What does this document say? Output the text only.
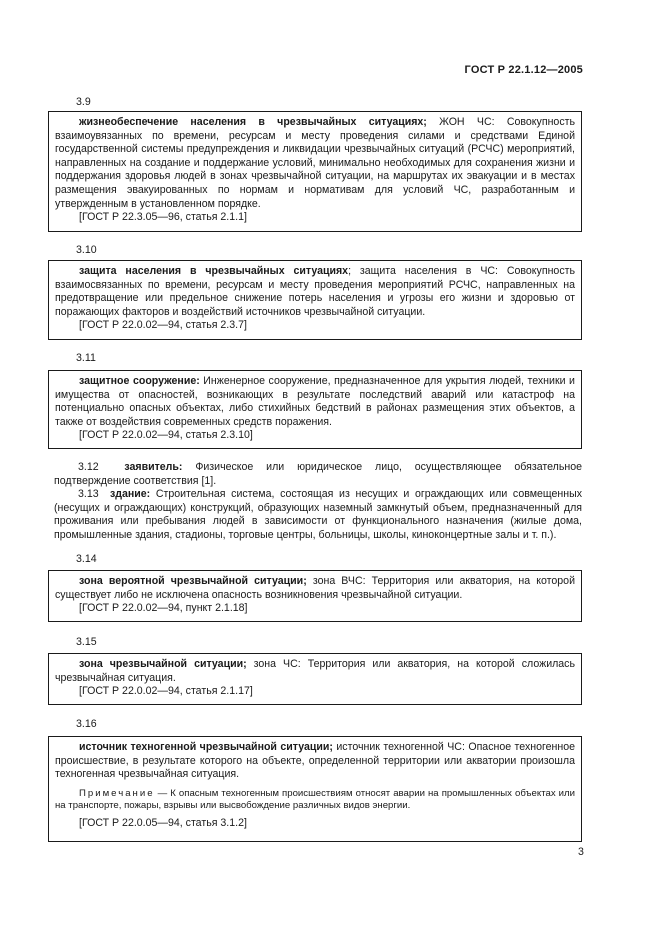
ГОСТ Р 22.1.12—2005
3.9

жизнеобеспечение населения в чрезвычайных ситуациях; ЖОН ЧС: Совокупность взаимоувязанных по времени, ресурсам и месту проведения силами и средствами Единой государственной системы предупреждения и ликвидации чрезвычайных ситуаций (РСЧС) мероприятий, направленных на создание и поддержание условий, минимально необходимых для сохранения жизни и поддержания здоровья людей в зонах чрезвычайной ситуации, на маршрутах их эвакуации и в местах размещения эвакуированных по нормам и нормативам для условий ЧС, разработанным и утвержденным в установленном порядке.

[ГОСТ Р 22.3.05—96, статья 2.1.1]

3.10

защита населения в чрезвычайных ситуациях; защита населения в ЧС: Совокупность взаимосвязанных по времени, ресурсам и месту проведения мероприятий РСЧС, направленных на предотвращение или предельное снижение потерь населения и угрозы его жизни и здоровью от поражающих факторов и воздействий источников чрезвычайной ситуации.

[ГОСТ Р 22.0.02—94, статья 2.3.7]

3.11

защитное сооружение: Инженерное сооружение, предназначенное для укрытия людей, техники и имущества от опасностей, возникающих в результате последствий аварий или катастроф на потенциально опасных объектах, либо стихийных бедствий в районах размещения этих объектов, а также от воздействия современных средств поражения.

[ГОСТ Р 22.0.02—94, статья 2.3.10]

3.12 заявитель: Физическое или юридическое лицо, осуществляющее обязательное подтверждение соответствия [1].

3.13 здание: Строительная система, состоящая из несущих и ограждающих или совмещенных (несущих и ограждающих) конструкций, образующих наземный замкнутый объем, предназначенный для проживания или пребывания людей в зависимости от функционального назначения (жилые дома, промышленные здания, стадионы, торговые центры, больницы, школы, киноконцертные залы и т. п.).

3.14

зона вероятной чрезвычайной ситуации; зона ВЧС: Территория или акватория, на которой существует либо не исключена опасность возникновения чрезвычайной ситуации.

[ГОСТ Р 22.0.02—94, пункт 2.1.18]

3.15

зона чрезвычайной ситуации; зона ЧС: Территория или акватория, на которой сложилась чрезвычайная ситуация.

[ГОСТ Р 22.0.02—94, статья 2.1.17]

3.16

источник техногенной чрезвычайной ситуации; источник техногенной ЧС: Опасное техногенное происшествие, в результате которого на объекте, определенной территории или акватории произошла техногенная чрезвычайная ситуация.

Примечание — К опасным техногенным происшествиям относят аварии на промышленных объектах или на транспорте, пожары, взрывы или высвобождение различных видов энергии.

[ГОСТ Р 22.0.05—94, статья 3.1.2]

3
